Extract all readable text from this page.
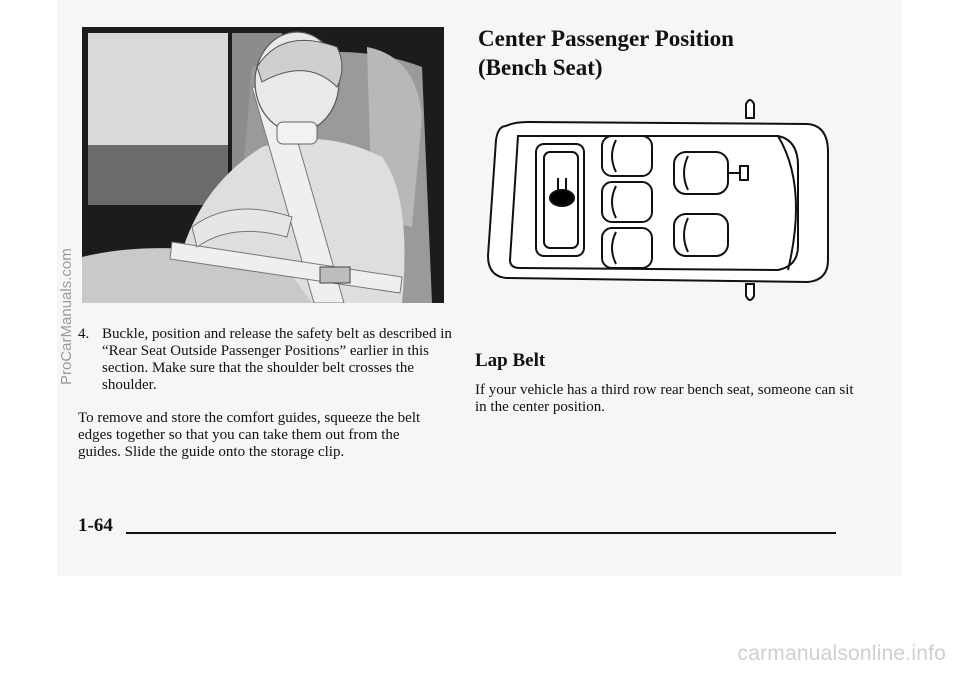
ProCarManuals.com 4. Buckle, position and release the safety belt as described in “Rear Seat Outside Passenger Positions” earlier in this section. Make sure that the shoulder belt crosses the shoulder.
To remove and store the comfort guides, squeeze the belt edges together so that you can take them out from the guides. Slide the guide onto the storage clip.
Center Passenger Position
(Bench Seat)
Lap Belt
If your vehicle has a third row rear bench seat, someone can sit in the center position.
1-64
carmanualsonline.info
